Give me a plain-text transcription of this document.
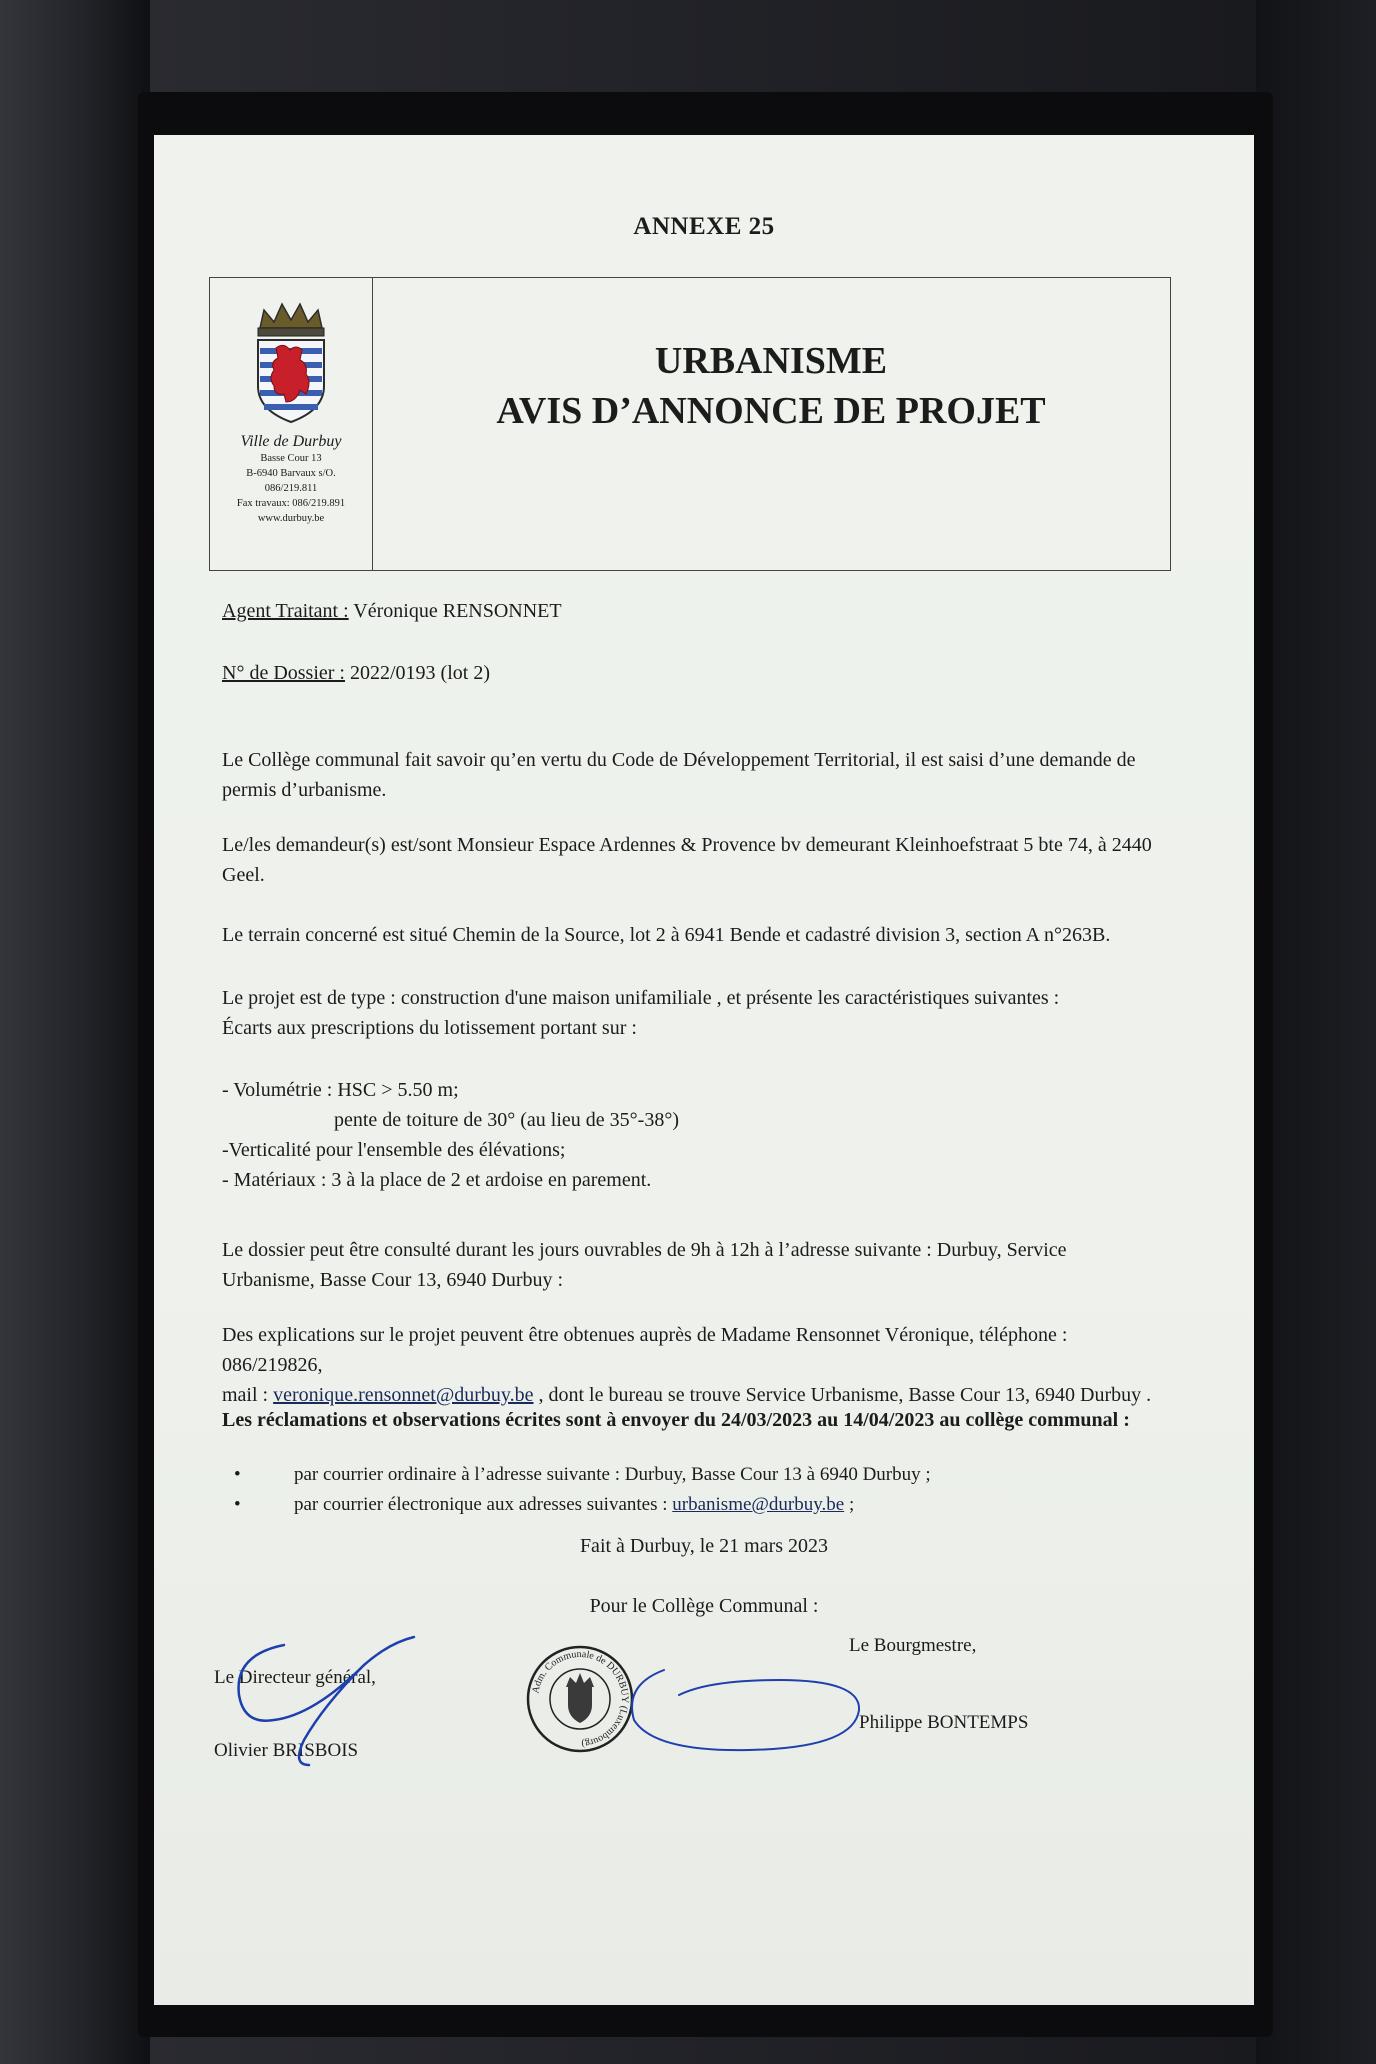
ANNEXE 25
Ville de Durbuy
Basse Cour 13
B-6940 Barvaux s/O.
086/219.811
Fax travaux: 086/219.891
www.durbuy.be
URBANISME
AVIS D’ANNONCE DE PROJET
Agent Traitant : Véronique RENSONNET
N° de Dossier : 2022/0193 (lot 2)
Le Collège communal fait savoir qu’en vertu du Code de Développement Territorial, il est saisi d’une demande de permis d’urbanisme.
Le/les demandeur(s) est/sont Monsieur Espace Ardennes & Provence bv demeurant Kleinhoefstraat 5 bte 74, à 2440 Geel.
Le terrain concerné est situé Chemin de la Source, lot 2 à 6941 Bende et cadastré division 3, section A n°263B.
Le projet est de type : construction d'une maison unifamiliale , et présente les caractéristiques suivantes :
Écarts aux prescriptions du lotissement portant sur :
- Volumétrie : HSC > 5.50 m;
pente de toiture de 30° (au lieu de 35°-38°)
-Verticalité pour l'ensemble des élévations;
- Matériaux : 3 à la place de 2 et ardoise en parement.
Le dossier peut être consulté durant les jours ouvrables de 9h à 12h à l’adresse suivante : Durbuy, Service Urbanisme, Basse Cour 13, 6940 Durbuy :
Des explications sur le projet peuvent être obtenues auprès de Madame Rensonnet Véronique, téléphone : 086/219826,
mail : veronique.rensonnet@durbuy.be , dont le bureau se trouve Service Urbanisme, Basse Cour 13, 6940 Durbuy .
Les réclamations et observations écrites sont à envoyer du 24/03/2023 au 14/04/2023 au collège communal :
• par courrier ordinaire à l’adresse suivante : Durbuy, Basse Cour 13 à 6940 Durbuy ;
• par courrier électronique aux adresses suivantes : urbanisme@durbuy.be ;
Fait à Durbuy, le 21 mars 2023
Pour le Collège Communal :
Le Bourgmestre,
Le Directeur général,
Olivier BRISBOIS
Philippe BONTEMPS
Adm. Communale de DURBUY (Luxembourg)
